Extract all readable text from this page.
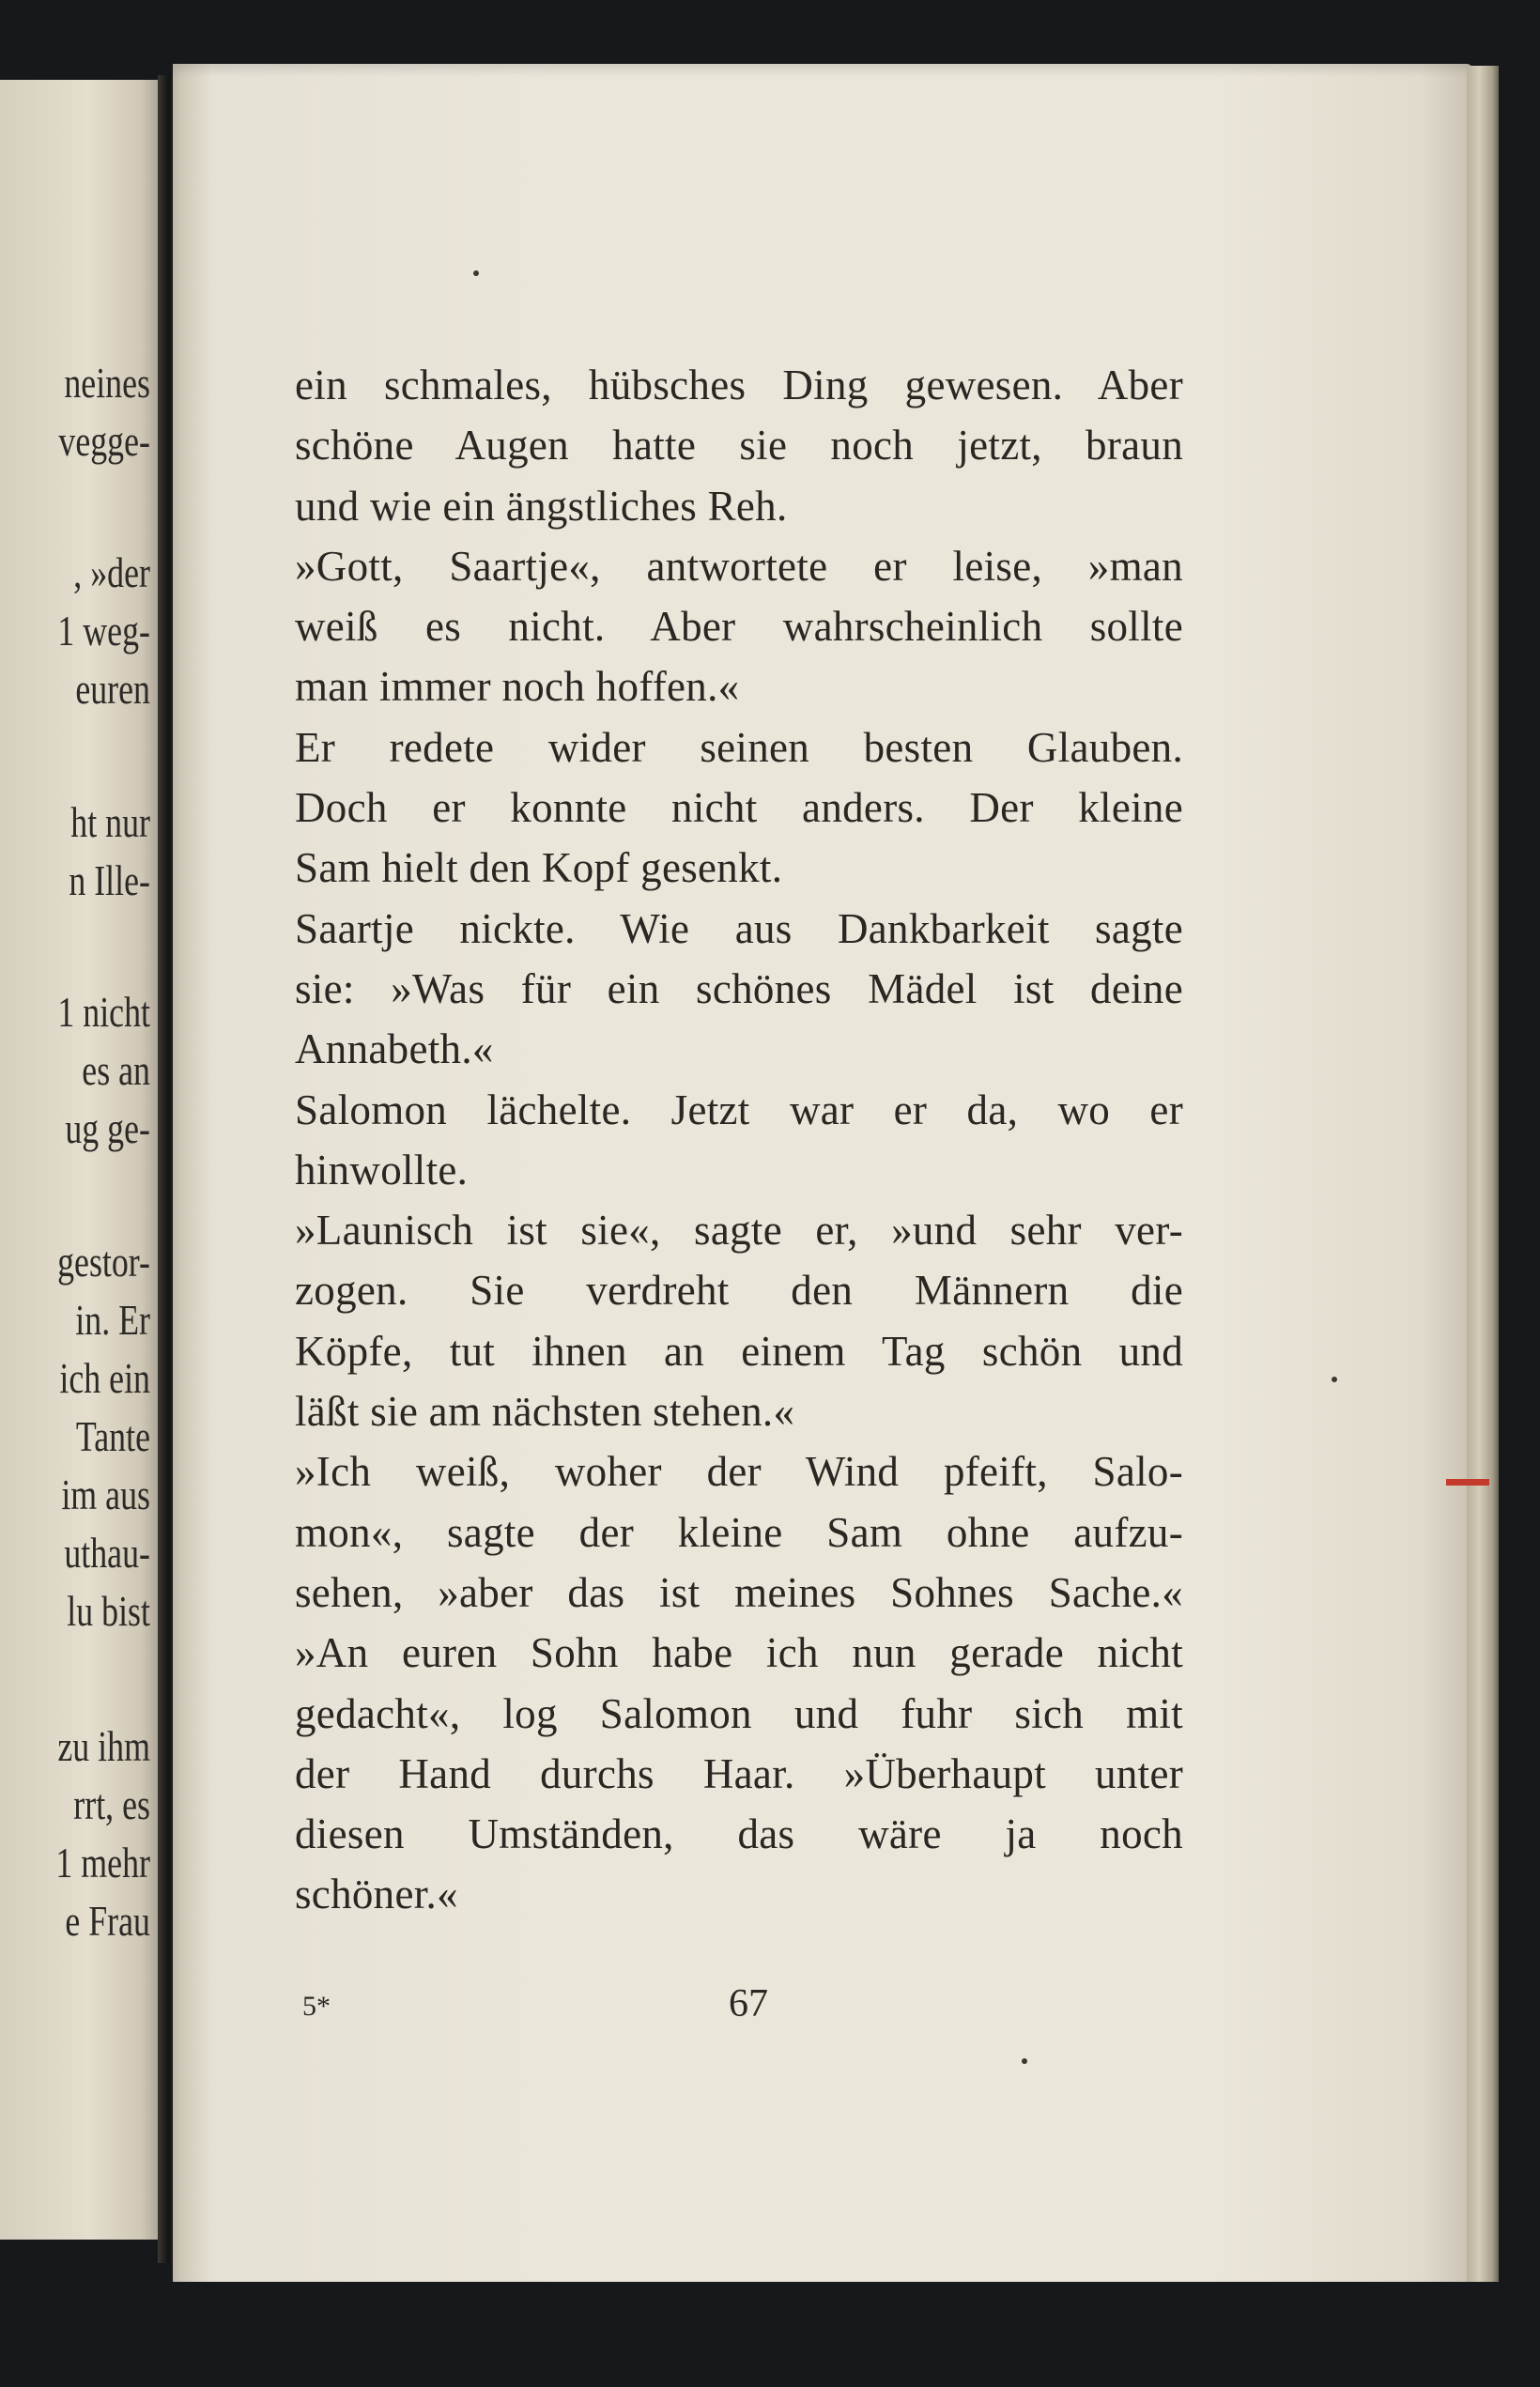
neines
vegge-
, »der
1 weg-
euren
ht nur
n Ille-
1 nicht
es an
ug ge-
gestor-
in. Er
ich ein
Tante
im aus
uthau-
lu bist
zu ihm
rrt, es
1 mehr
e Frau
ein schmales, hübsches Ding gewesen. Aber
schöne Augen hatte sie noch jetzt, braun
und wie ein ängstliches Reh.
»Gott, Saartje«, antwortete er leise, »man
weiß es nicht. Aber wahrscheinlich sollte
man immer noch hoffen.«
Er redete wider seinen besten Glauben.
Doch er konnte nicht anders. Der kleine
Sam hielt den Kopf gesenkt.
Saartje nickte. Wie aus Dankbarkeit sagte
sie: »Was für ein schönes Mädel ist deine
Annabeth.«
Salomon lächelte. Jetzt war er da, wo er
hinwollte.
»Launisch ist sie«, sagte er, »und sehr ver-
zogen. Sie verdreht den Männern die
Köpfe, tut ihnen an einem Tag schön und
läßt sie am nächsten stehen.«
»Ich weiß, woher der Wind pfeift, Salo-
mon«, sagte der kleine Sam ohne aufzu-
sehen, »aber das ist meines Sohnes Sache.«
»An euren Sohn habe ich nun gerade nicht
gedacht«, log Salomon und fuhr sich mit
der Hand durchs Haar. »Überhaupt unter
diesen Umständen, das wäre ja noch
schöner.«
5*	67
